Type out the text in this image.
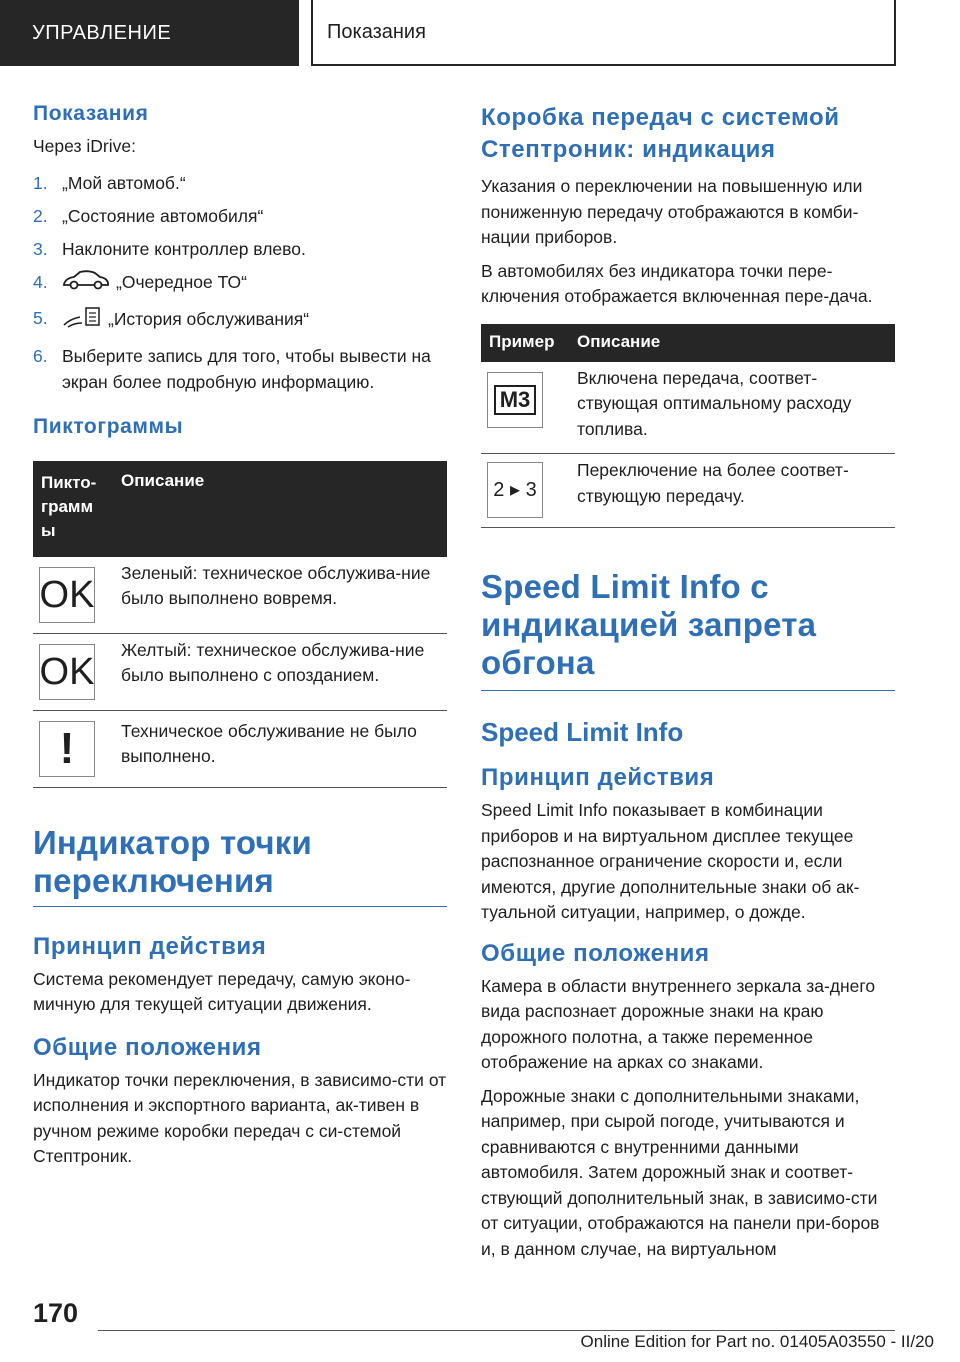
УПРАВЛЕНИЕ	Показания
Показания
Через iDrive:
1. „Мой автомоб.“
2. „Состояние автомобиля“
3. Наклоните контроллер влево.
4.	„Очередное ТО“
5.	„История обслуживания“
6. Выберите запись для того, чтобы вывести на экран более подробную информацию.
Пиктограммы
Пикто-
грамм
ы	Описание

OK	Зеленый: техническое обслужива-ние было выполнено вовремя.

OK	Желтый: техническое обслужива-ние было выполнено с опозданием.

!	Техническое обслуживание не было выполнено.
Индикатор точки переключения
Принцип действия
Система рекомендует передачу, самую эконо-мичную для текущей ситуации движения.
Общие положения
Индикатор точки переключения, в зависимо-сти от исполнения и экспортного варианта, ак-тивен в ручном режиме коробки передач с си-стемой Стептроник.
Коробка передач с системой Стептроник: индикация
Указания о переключении на повышенную или пониженную передачу отображаются в комби-нации приборов.
В автомобилях без индикатора точки пере-ключения отображается включенная пере-дача.
Пример	Описание

M3	Включена передача, соответ-ствующая оптимальному расходу топлива.

2 ▸ 3	Переключение на более соответ-ствующую передачу.
Speed Limit Info с индикацией запрета обгона
Speed Limit Info
Принцип действия
Speed Limit Info показывает в комбинации приборов и на виртуальном дисплее текущее распознанное ограничение скорости и, если имеются, другие дополнительные знаки об ак-туальной ситуации, например, о дожде.
Общие положения
Камера в области внутреннего зеркала за-днего вида распознает дорожные знаки на краю дорожного полотна, а также переменное отображение на арках со знаками.
Дорожные знаки с дополнительными знаками, например, при сырой погоде, учитываются и сравниваются с внутренними данными автомобиля. Затем дорожный знак и соответ-ствующий дополнительный знак, в зависимо-сти от ситуации, отображаются на панели при-боров и, в данном случае, на виртуальном
170
Online Edition for Part no. 01405A03550 - II/20
